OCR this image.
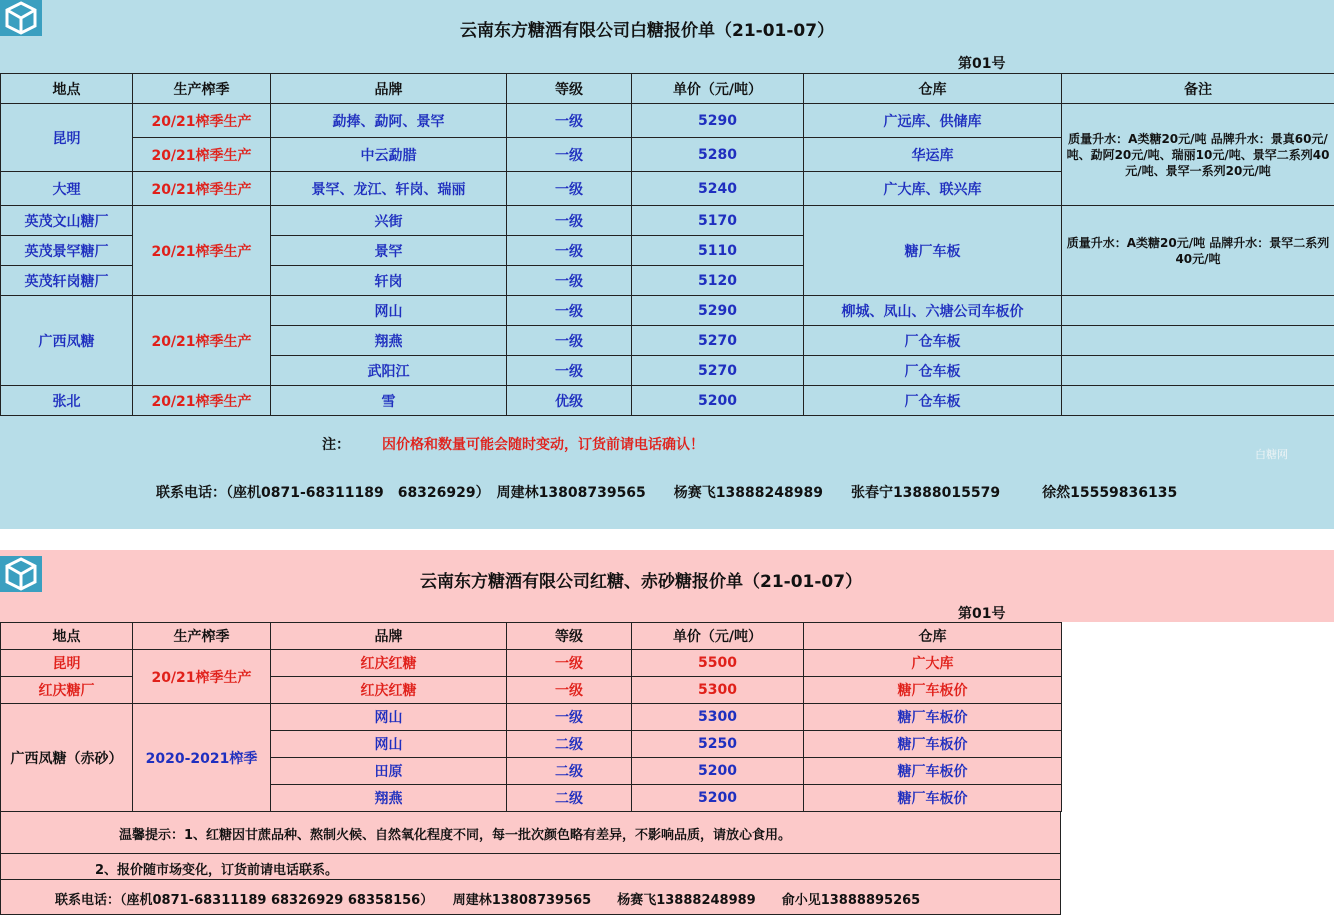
云南东方糖酒有限公司白糖报价单（21-01-07）
第01号
地点	生产榨季	品牌	等级	单价（元/吨）	仓库	备注
昆明	20/21榨季生产	勐捧、勐阿、景罕	一级	5290	广远库、供储库	质量升水：A类糖20元/吨 品牌升水：景真60元/吨、勐阿20元/吨、瑞丽10元/吨、景罕二系列40元/吨、景罕一系列20元/吨
	20/21榨季生产	中云勐腊	一级	5280	华运库	
大理	20/21榨季生产	景罕、龙江、轩岗、瑞丽	一级	5240	广大库、联兴库	
英茂文山糖厂	20/21榨季生产	兴街	一级	5170	糖厂车板	质量升水：A类糖20元/吨 品牌升水：景罕二系列40元/吨
英茂景罕糖厂		景罕	一级	5110		
英茂轩岗糖厂		轩岗	一级	5120		
广西凤糖	20/21榨季生产	网山	一级	5290	柳城、凤山、六塘公司车板价	
		翔燕	一级	5270	厂仓车板	
		武阳江	一级	5270	厂仓车板	
张北	20/21榨季生产	雪	优级	5200	厂仓车板	
注： 因价格和数量可能会随时变动，订货前请电话确认！
白糖网
联系电话：（座机0871-68311189　68326929）　周建林13808739565　　杨赛飞13888248989　　张春宁13888015579　　　徐然15559836135
云南东方糖酒有限公司红糖、赤砂糖报价单（21-01-07）
第01号
地点	生产榨季	品牌	等级	单价（元/吨）	仓库
昆明	20/21榨季生产	红庆红糖	一级	5500	广大库
红庆糖厂		红庆红糖	一级	5300	糖厂车板价
广西凤糖（赤砂）	2020-2021榨季	网山	一级	5300	糖厂车板价
		网山	二级	5250	糖厂车板价
		田原	二级	5200	糖厂车板价
		翔燕	二级	5200	糖厂车板价
温馨提示：1、红糖因甘蔗品种、熬制火候、自然氧化程度不同，每一批次颜色略有差异，不影响品质，请放心食用。
2、报价随市场变化，订货前请电话联系。
联系电话：（座机0871-68311189 68326929 68358156）　　周建林13808739565　　杨赛飞13888248989　　俞小见13888895265
